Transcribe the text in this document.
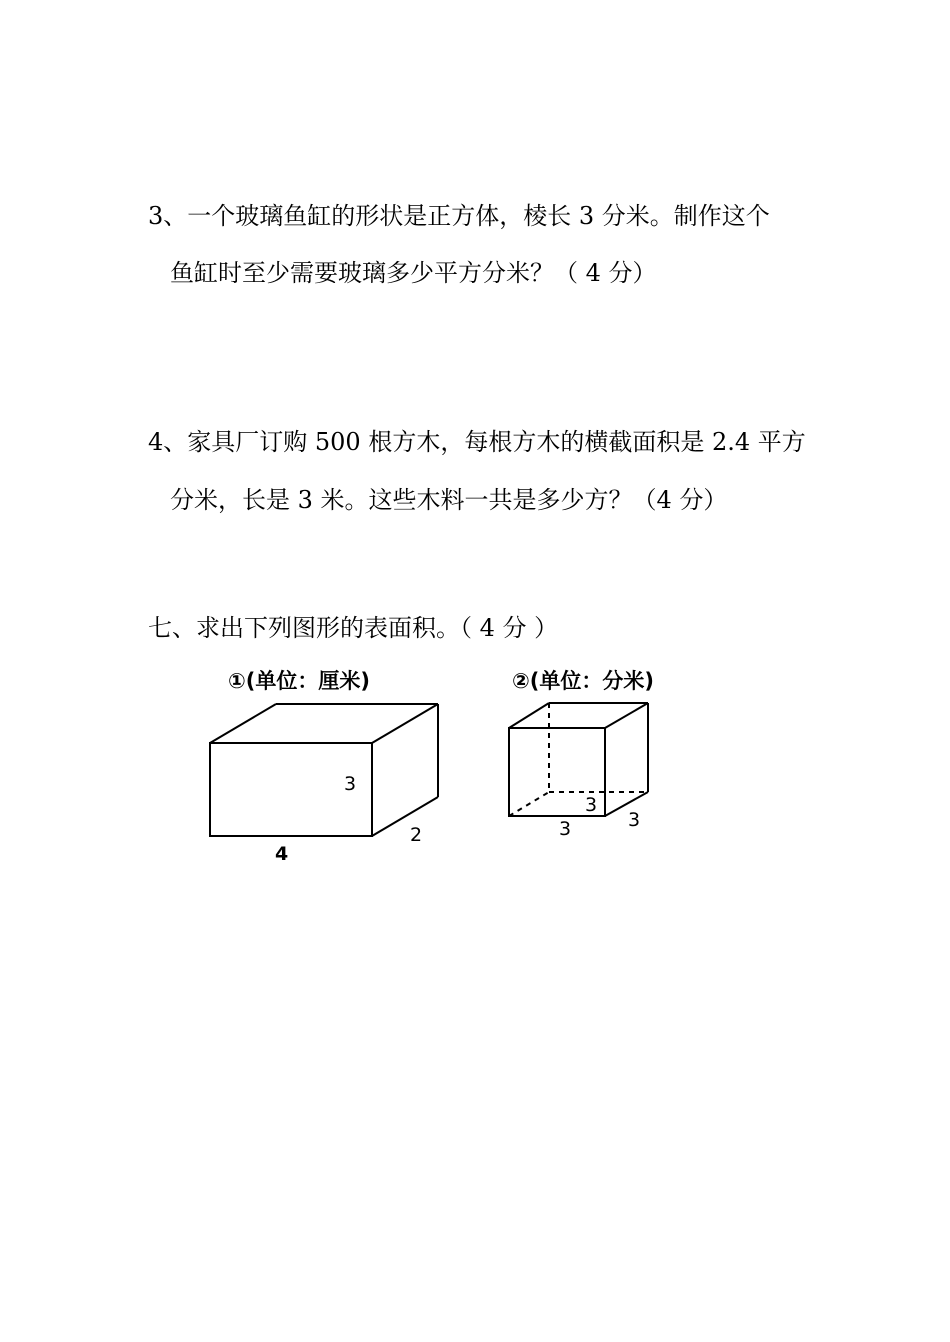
3、一个玻璃鱼缸的形状是正方体，棱长 3 分米。制作这个
鱼缸时至少需要玻璃多少平方分米？（ 4 分）
4、家具厂订购 500 根方木，每根方木的横截面积是 2.4 平方
分米，长是 3 米。这些木料一共是多少方？（4 分）
七、求出下列图形的表面积。（ 4 分 ）
①(单位：厘米)	②(单位：分米)
3
2
4
3
3	3
